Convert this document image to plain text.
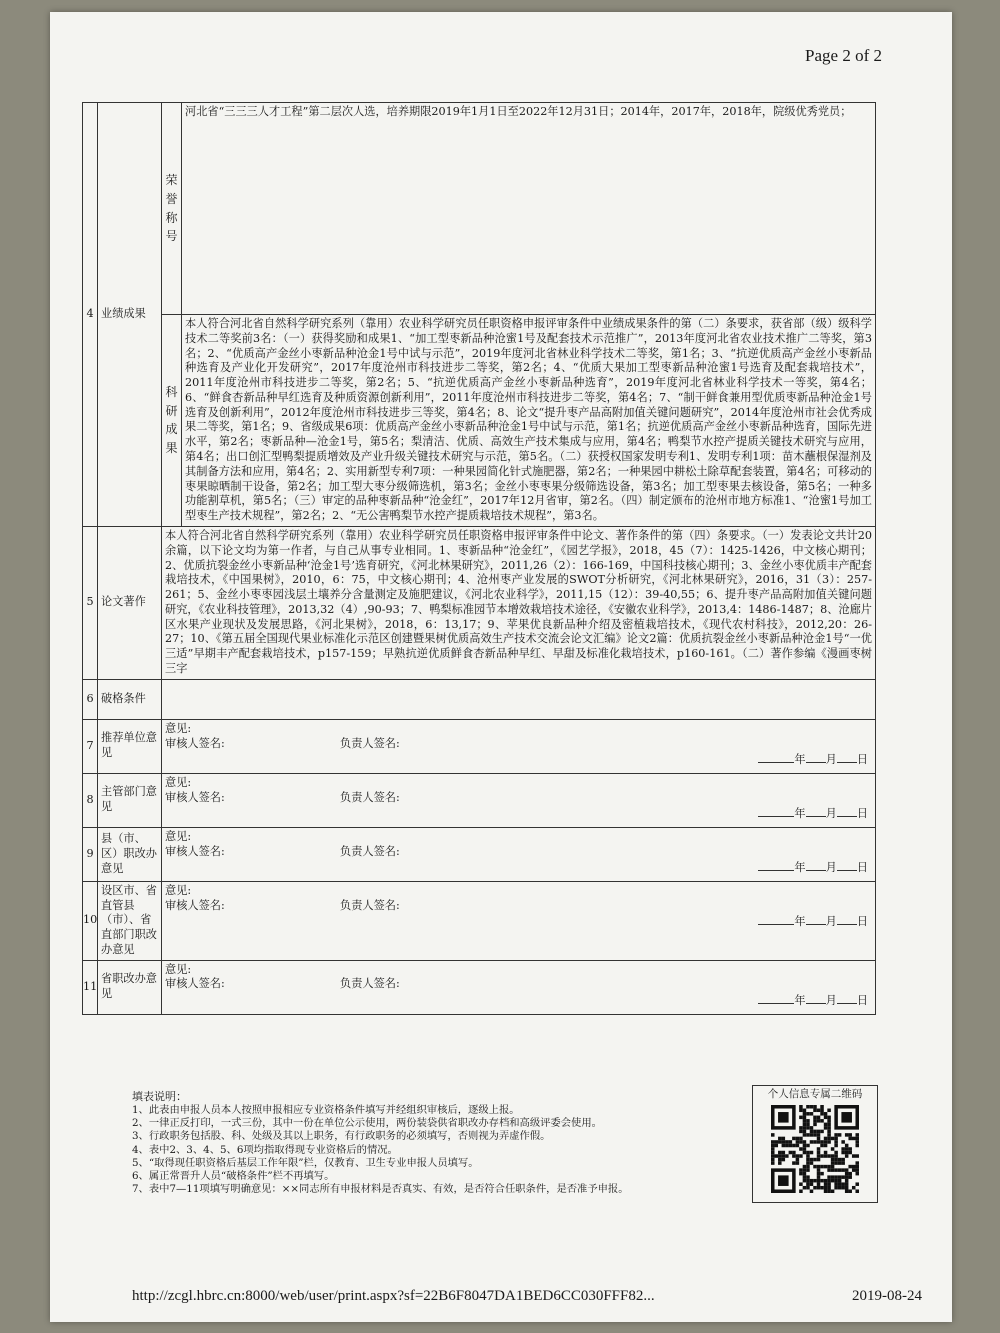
Page 2 of 2
4	业绩成果	荣誉称号	河北省“三三三人才工程”第二层次人选，培养期限2019年1月1日至2022年12月31日；2014年，2017年，2018年，院级优秀党员；
		科研成果	本人符合河北省自然科学研究系列（靠用）农业科学研究员任职资格申报评审条件中业绩成果条件的第（二）条要求，获省部（级）级科学技术二等奖前3名：（一）获得奖励和成果1、“加工型枣新品种沧蜜1号及配套技术示范推广”，2013年度河北省农业技术推广二等奖，第3名；2、“优质高产金丝小枣新品种沧金1号中试与示范”，2019年度河北省林业科学技术二等奖，第1名；3、“抗逆优质高产金丝小枣新品种选育及产业化开发研究”，2017年度沧州市科技进步二等奖，第2名；4、“优质大果加工型枣新品种沧蜜1号选育及配套栽培技术”，2011年度沧州市科技进步二等奖，第2名；5、“抗逆优质高产金丝小枣新品种选育”，2019年度河北省林业科学技术一等奖，第4名；6、“鲜食杏新品种早红选育及种质资源创新利用”，2011年度沧州市科技进步二等奖，第4名；7、“制干鲜食兼用型优质枣新品种沧金1号选育及创新利用”，2012年度沧州市科技进步三等奖，第4名；8、论文“提升枣产品高附加值关键问题研究”，2014年度沧州市社会优秀成果二等奖，第1名；9、省级成果6项：优质高产金丝小枣新品种沧金1号中试与示范，第1名；抗逆优质高产金丝小枣新品种选育，国际先进水平，第2名；枣新品种—沧金1号，第5名；梨清洁、优质、高效生产技术集成与应用，第4名；鸭梨节水控产提质关键技术研究与应用，第4名；出口创汇型鸭梨提质增效及产业升级关键技术研究与示范，第5名。（二）获授权国家发明专利1、发明专利1项：苗木蘸根保湿剂及其制备方法和应用，第4名；2、实用新型专利7项：一种果园简化针式施肥器，第2名；一种果园中耕松土除草配套装置，第4名；可移动的枣果晾晒制干设备，第2名；加工型大枣分级筛选机，第3名；金丝小枣枣果分级筛选设备，第3名；加工型枣果去核设备，第5名；一种多功能割草机，第5名；（三）审定的品种枣新品种“沧金红”，2017年12月省审，第2名。（四）制定颁布的沧州市地方标准1、“沧蜜1号加工型枣生产技术规程”，第2名；2、“无公害鸭梨节水控产提质栽培技术规程”，第3名。
5	论文著作	本人符合河北省自然科学研究系列（靠用）农业科学研究员任职资格申报评审条件中论文、著作条件的第（四）条要求。（一）发表论文共计20余篇，以下论文均为第一作者，与自己从事专业相同。1、枣新品种“沧金红”，《园艺学报》，2018，45（7）：1425-1426，中文核心期刊；2、优质抗裂金丝小枣新品种‘沧金1号’选育研究，《河北林果研究》，2011,26（2）：166-169，中国科技核心期刊；3、金丝小枣优质丰产配套栽培技术，《中国果树》，2010，6：75，中文核心期刊；4、沧州枣产业发展的SWOT分析研究，《河北林果研究》，2016，31（3）：257-261；5、金丝小枣枣园浅层土壤养分含量测定及施肥建议，《河北农业科学》，2011,15（12）：39-40,55；6、提升枣产品高附加值关键问题研究，《农业科技管理》，2013,32（4）,90-93；7、鸭梨标准园节本增效栽培技术途径，《安徽农业科学》，2013,4：1486-1487；8、沧廊片区水果产业现状及发展思路，《河北果树》，2018，6：13,17；9、苹果优良新品种介绍及密植栽培技术，《现代农村科技》，2012,20：26-27；10、《第五届全国现代果业标准化示范区创建暨果树优质高效生产技术交流会论文汇编》论文2篇：优质抗裂金丝小枣新品种沧金1号“一优三适”早期丰产配套栽培技术，p157-159；早熟抗逆优质鲜食杏新品种早红、早甜及标准化栽培技术，p160-161。（二）著作参编《漫画枣树三字	
6	破格条件		
7	推荐单位意见	意见:
审核人签名: 负责人签名:
年 月 日	

8	主管部门意见	意见:
审核人签名: 负责人签名:
年 月 日	

9	县（市、区）职改办意见	意见:
审核人签名: 负责人签名:
年 月 日	

10	设区市、省直管县（市）、省直部门职改办意见	意见:
审核人签名: 负责人签名:
年 月 日	

11	省职改办意见	意见:
审核人签名: 负责人签名:
年 月 日	
填表说明：
1、此表由申报人员本人按照申报相应专业资格条件填写并经组织审核后，逐级上报。
2、一律正反打印，一式三份，其中一份在单位公示使用，两份装袋供省职改办存档和高级评委会使用。
3、行政职务包括股、科、处级及其以上职务，有行政职务的必须填写，否则视为弄虚作假。
4、表中2、3、4、5、6项均指取得现专业资格后的情况。
5、“取得现任职资格后基层工作年限”栏，仅教育、卫生专业申报人员填写。
6、属正常晋升人员“破格条件”栏不再填写。
7、表中7—11项填写明确意见：××同志所有申报材料是否真实、有效，是否符合任职条件，是否准予申报。
个人信息专属二维码
http://zcgl.hbrc.cn:8000/web/user/print.aspx?sf=22B6F8047DA1BED6CC030FFF82...	2019-08-24
